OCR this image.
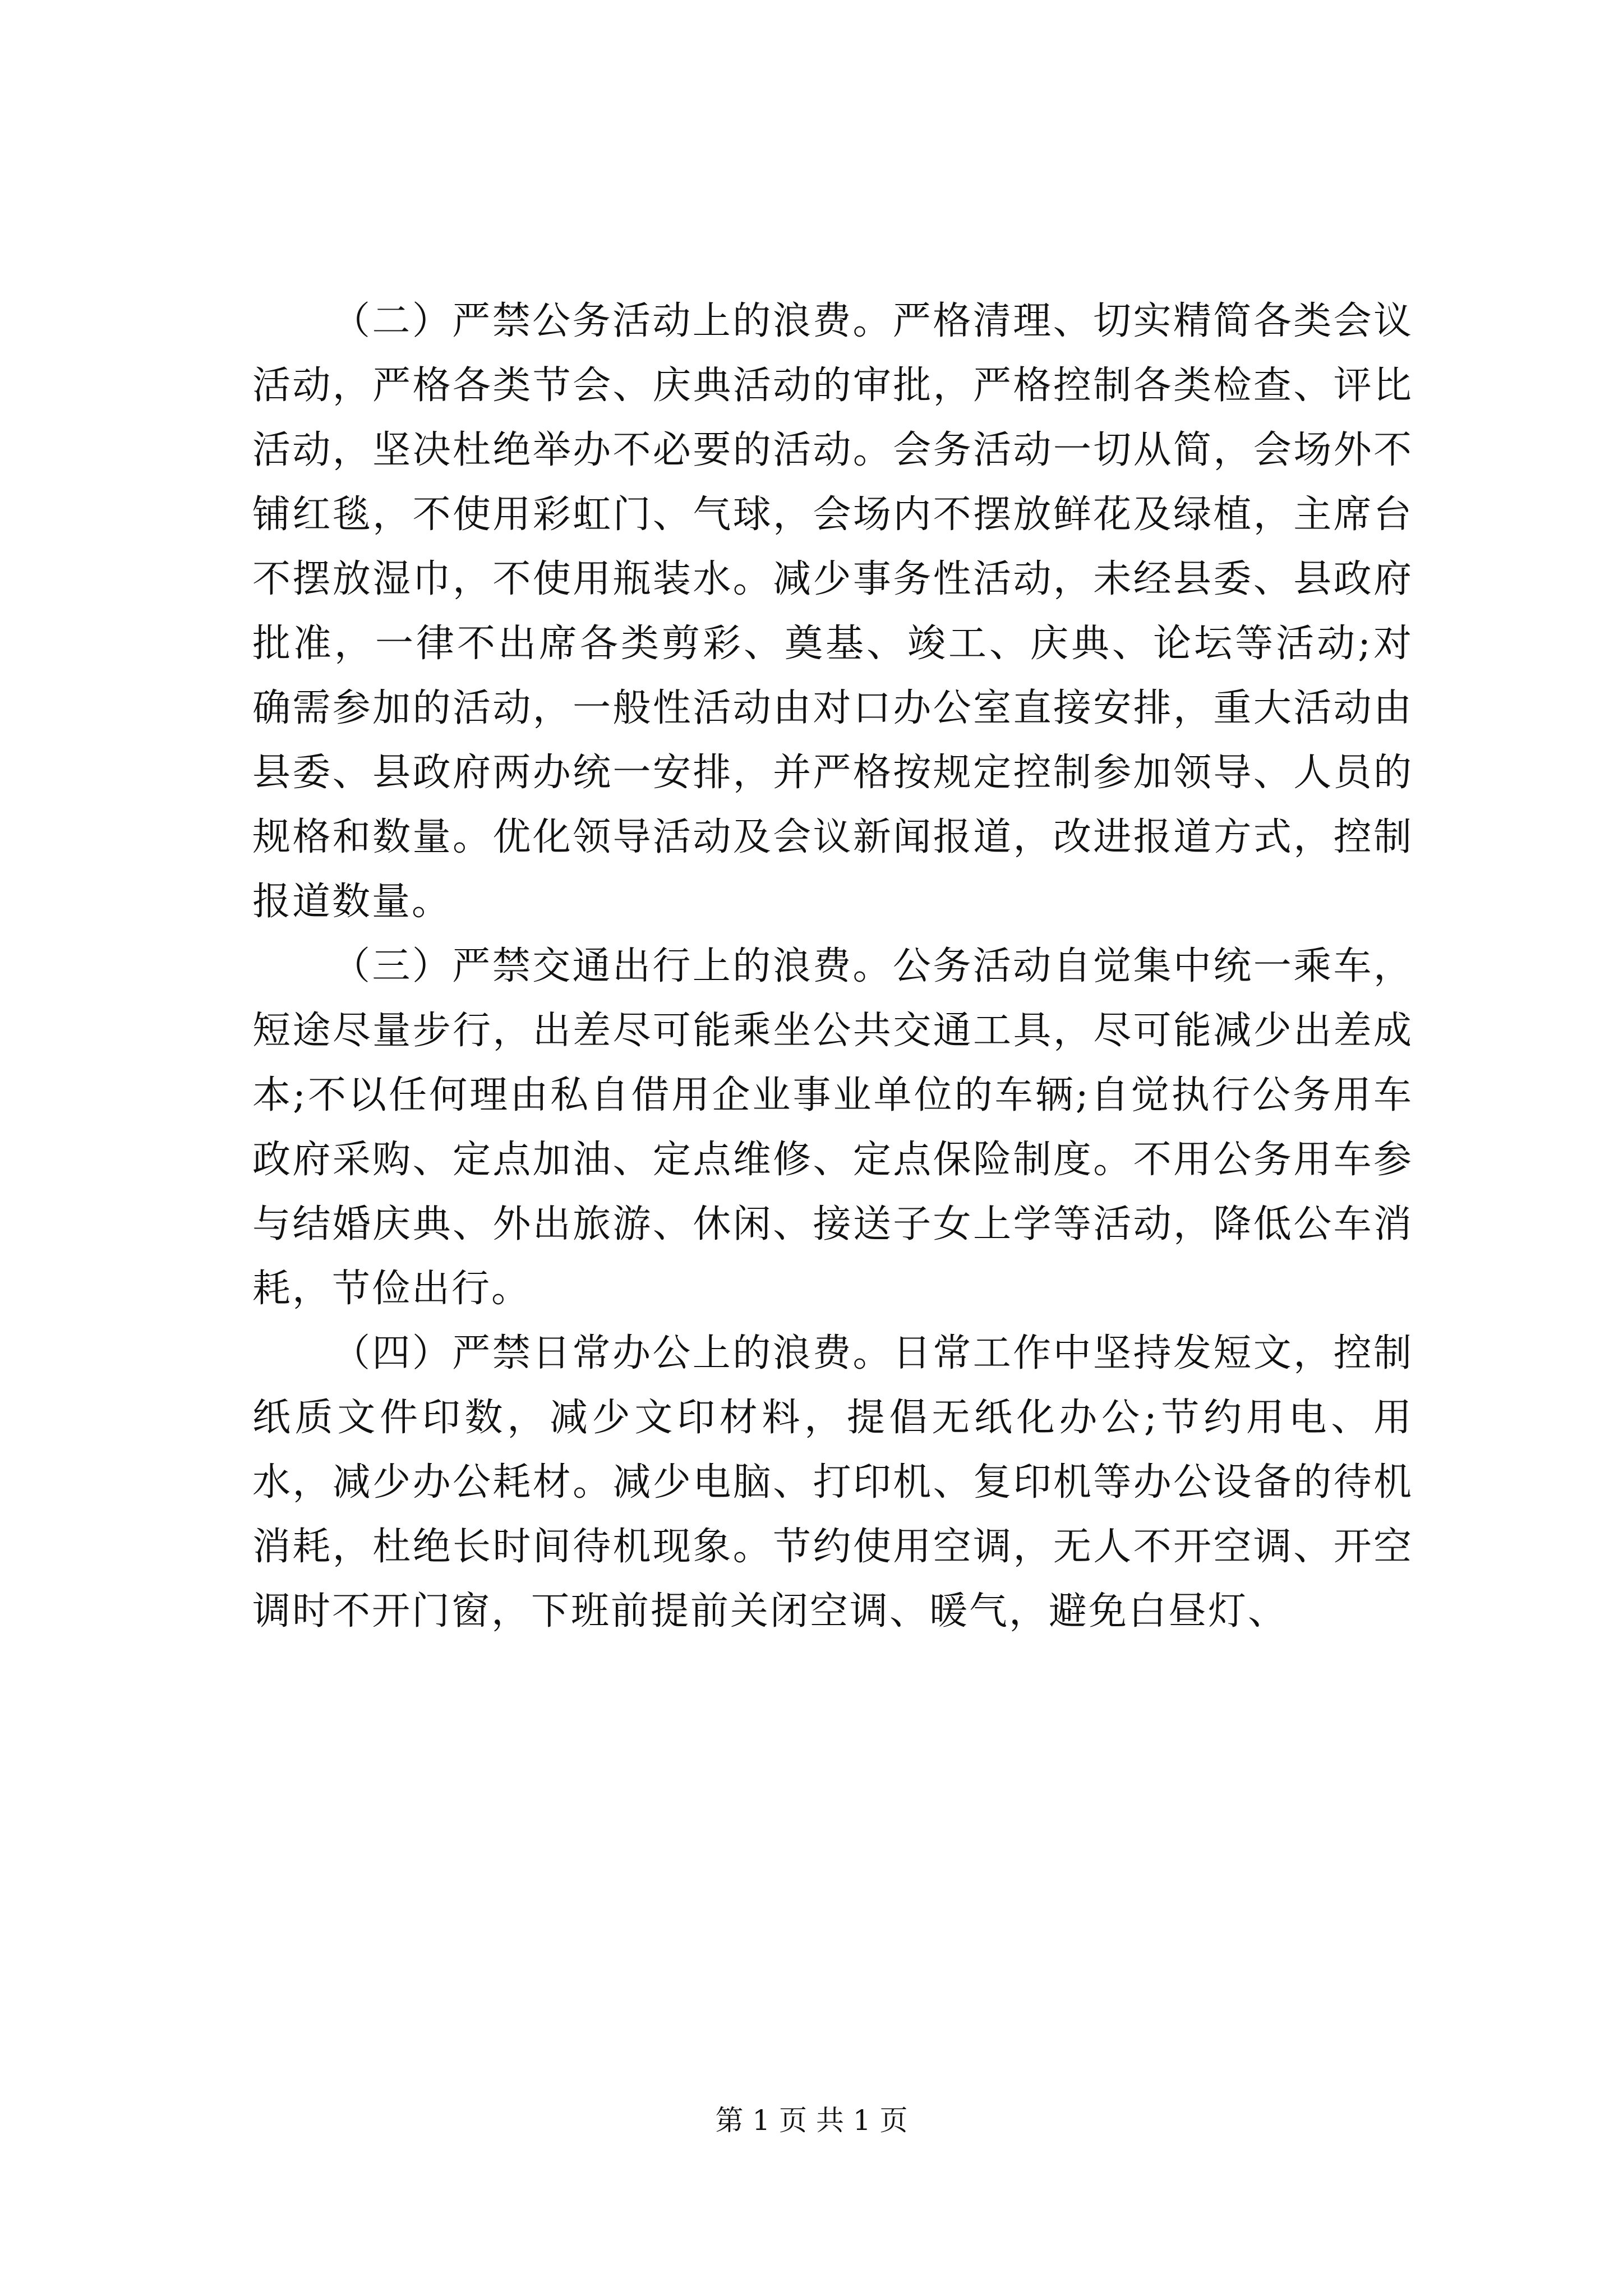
（二）严禁公务活动上的浪费。严格清理、切实精简各类会议活动，严格各类节会、庆典活动的审批，严格控制各类检查、评比活动，坚决杜绝举办不必要的活动。会务活动一切从简，会场外不铺红毯，不使用彩虹门、气球，会场内不摆放鲜花及绿植，主席台不摆放湿巾，不使用瓶装水。减少事务性活动，未经县委、县政府批准，一律不出席各类剪彩、奠基、竣工、庆典、论坛等活动;对确需参加的活动，一般性活动由对口办公室直接安排，重大活动由县委、县政府两办统一安排，并严格按规定控制参加领导、人员的规格和数量。优化领导活动及会议新闻报道，改进报道方式，控制报道数量。

（三）严禁交通出行上的浪费。公务活动自觉集中统一乘车，短途尽量步行，出差尽可能乘坐公共交通工具，尽可能减少出差成本;不以任何理由私自借用企业事业单位的车辆;自觉执行公务用车政府采购、定点加油、定点维修、定点保险制度。不用公务用车参与结婚庆典、外出旅游、休闲、接送子女上学等活动，降低公车消耗，节俭出行。

（四）严禁日常办公上的浪费。日常工作中坚持发短文，控制纸质文件印数，减少文印材料，提倡无纸化办公;节约用电、用水，减少办公耗材。减少电脑、打印机、复印机等办公设备的待机消耗，杜绝长时间待机现象。节约使用空调，无人不开空调、开空调时不开门窗，下班前提前关闭空调、暖气，避免白昼灯、

第 1 页 共 1 页
